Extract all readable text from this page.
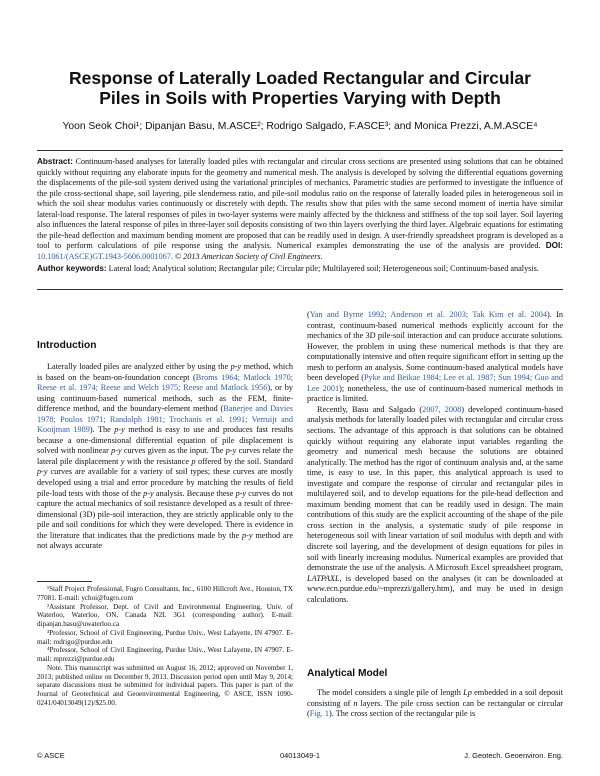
Response of Laterally Loaded Rectangular and Circular
Piles in Soils with Properties Varying with Depth
Yoon Seok Choi¹; Dipanjan Basu, M.ASCE²; Rodrigo Salgado, F.ASCE³; and Monica Prezzi, A.M.ASCE⁴
Abstract: Continuum-based analyses for laterally loaded piles with rectangular and circular cross sections are presented using solutions that can be obtained quickly without requiring any elaborate inputs for the geometry and numerical mesh. The analysis is developed by solving the differential equations governing the displacements of the pile-soil system derived using the variational principles of mechanics. Parametric studies are performed to investigate the influence of the pile cross-sectional shape, soil layering, pile slenderness ratio, and pile-soil modulus ratio on the response of laterally loaded piles in heterogeneous soil in which the soil shear modulus varies continuously or discretely with depth. The results show that piles with the same second moment of inertia have similar lateral-load response. The lateral responses of piles in two-layer systems were mainly affected by the thickness and stiffness of the top soil layer. Soil layering also influences the lateral response of piles in three-layer soil deposits consisting of two thin layers overlying the third layer. Algebraic equations for estimating the pile-head deflection and maximum bending moment are proposed that can be readily used in design. A user-friendly spreadsheet program is developed as a tool to perform calculations of pile response using the analysis. Numerical examples demonstrating the use of the analysis are provided. DOI: 10.1061/(ASCE)GT.1943-5606.0001067. © 2013 American Society of Civil Engineers.
Author keywords: Lateral load; Analytical solution; Rectangular pile; Circular pile; Multilayered soil; Heterogeneous soil; Continuum-based analysis.
Introduction

Laterally loaded piles are analyzed either by using the p-y method, which is based on the beam-on-foundation concept (Broms 1964; Matlock 1970; Reese et al. 1974; Reese and Welch 1975; Reese and Matlock 1956), or by using continuum-based numerical methods, such as the FEM, finite-difference method, and the boundary-element method (Banerjee and Davies 1978; Poulos 1971; Randolph 1981; Trochanis et al. 1991; Verruijt and Kooijman 1989). The p-y method is easy to use and produces fast results because a one-dimensional differential equation of pile displacement is solved with nonlinear p-y curves given as the input. The p-y curves relate the lateral pile displacement y with the resistance p offered by the soil. Standard p-y curves are available for a variety of soil types; these curves are mostly developed using a trial and error procedure by matching the results of field pile-load tests with those of the p-y analysis. Because these p-y curves do not capture the actual mechanics of soil resistance developed as a result of three-dimensional (3D) pile-soil interaction, they are strictly applicable only to the pile and soil conditions for which they were developed. There is evidence in the literature that indicates that the predictions made by the p-y method are not always accurate

¹Staff Project Professional, Fugro Consultants, Inc., 6100 Hillcroft Ave., Houston, TX 77081. E-mail: ychoi@fugro.com

²Assistant Professor, Dept. of Civil and Environmental Engineering, Univ. of Waterloo, Waterloo, ON, Canada N2L 3G1 (corresponding author). E-mail: dipanjan.basu@uwaterloo.ca

³Professor, School of Civil Engineering, Purdue Univ., West Lafayette, IN 47907. E-mail: rodrigo@purdue.edu

⁴Professor, School of Civil Engineering, Purdue Univ., West Lafayette, IN 47907. E-mail: mprezzi@purdue.edu

Note. This manuscript was submitted on August 16, 2012; approved on November 1, 2013; published online on December 9, 2013. Discussion period open until May 9, 2014; separate discussions must be submitted for individual papers. This paper is part of the Journal of Geotechnical and Geoenvironmental Engineering, © ASCE, ISSN 1090-0241/04013049(12)/$25.00.

(Yan and Byrne 1992; Anderson et al. 2003; Tak Kim et al. 2004). In contrast, continuum-based numerical methods explicitly account for the mechanics of the 3D pile-soil interaction and can produce accurate solutions. However, the problem in using these numerical methods is that they are computationally intensive and often require significant effort in setting up the mesh to perform an analysis. Some continuum-based analytical models have been developed (Pyke and Beikae 1984; Lee et al. 1987; Sun 1994; Guo and Lee 2001); nonetheless, the use of continuum-based numerical methods in practice is limited.

Recently, Basu and Salgado (2007, 2008) developed continuum-based analysis methods for laterally loaded piles with rectangular and circular cross sections. The advantage of this approach is that solutions can be obtained quickly without requiring any elaborate input variables regarding the geometry and numerical mesh because the solutions are obtained analytically. The method has the rigor of continuum analysis and, at the same time, is easy to use. In this paper, this analytical approach is used to investigate and compare the response of circular and rectangular piles in multilayered soil, and to develop equations for the pile-head deflection and maximum bending moment that can be readily used in design. The main contributions of this study are the explicit accounting of the shape of the pile cross section in the analysis, a systematic study of pile response in heterogeneous soil with linear variation of soil modulus with depth and with discrete soil layering, and the development of design equations for piles in soil with linearly increasing modulus. Numerical examples are provided that demonstrate the use of the analysis. A Microsoft Excel spreadsheet program, LATPAXL, is developed based on the analyses (it can be downloaded at www.ecn.purdue.edu/~mprezzi/gallery.htm), and may be used in design calculations.

Analytical Model

The model considers a single pile of length Lp embedded in a soil deposit consisting of n layers. The pile cross section can be rectangular or circular (Fig. 1). The cross section of the rectangular pile is

© ASCE	04013049-1	J. Geotech. Geoenviron. Eng.
